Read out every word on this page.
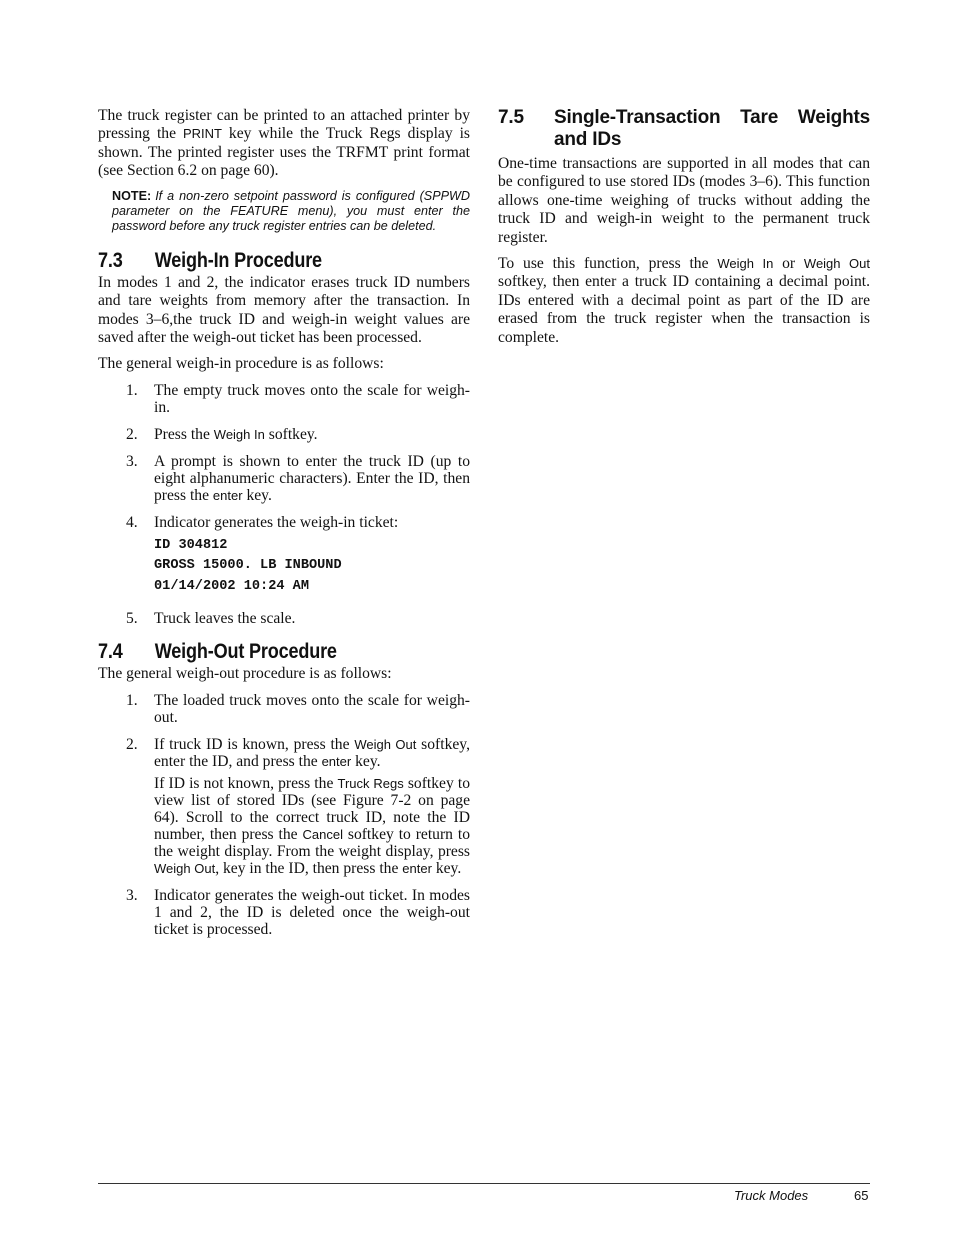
The truck register can be printed to an attached printer by pressing the PRINT key while the Truck Regs display is shown. The printed register uses the TRFMT print format (see Section 6.2 on page 60).

NOTE: If a non-zero setpoint password is configured (SPPWD parameter on the FEATURE menu), you must enter the password before any truck register entries can be deleted.
7.3	Weigh-In Procedure

In modes 1 and 2, the indicator erases truck ID numbers and tare weights from memory after the transaction. In modes 3–6,the truck ID and weigh-in weight values are saved after the weigh-out ticket has been processed.

The general weigh-in procedure is as follows:

1.	The empty truck moves onto the scale for weigh-in.

2.	Press the Weigh In softkey.

3.	A prompt is shown to enter the truck ID (up to eight alphanumeric characters). Enter the ID, then press the enter key.

4.	Indicator generates the weigh-in ticket:

ID 304812
GROSS 15000. LB INBOUND
01/14/2002 10:24 AM
5.	Truck leaves the scale.

7.4	Weigh-Out Procedure

The general weigh-out procedure is as follows:

1.	The loaded truck moves onto the scale for weigh-out.

2.	If truck ID is known, press the Weigh Out softkey, enter the ID, and press the enter key.

If ID is not known, press the Truck Regs softkey to view list of stored IDs (see Figure 7-2 on page 64). Scroll to the correct truck ID, note the ID number, then press the Cancel softkey to return to the weight display. From the weight display, press Weigh Out, key in the ID, then press the enter key.

3.	Indicator generates the weigh-out ticket. In modes 1 and 2, the ID is deleted once the weigh-out ticket is processed.

7.5	Single-Transaction Tare Weights and IDs

One-time transactions are supported in all modes that can be configured to use stored IDs (modes 3–6). This function allows one-time weighing of trucks without adding the truck ID and weigh-in weight to the permanent truck register.

To use this function, press the Weigh In or Weigh Out softkey, then enter a truck ID containing a decimal point. IDs entered with a decimal point as part of the ID are erased from the truck register when the transaction is complete.

Truck Modes	65
